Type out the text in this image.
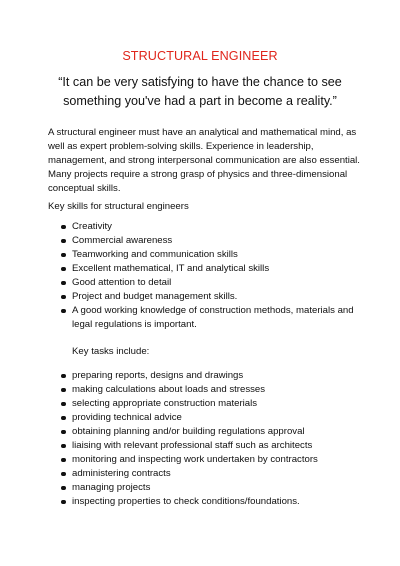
STRUCTURAL ENGINEER
“It can be very satisfying to have the chance to see
something you've had a part in become a reality.”
A structural engineer must have an analytical and mathematical mind, as
well as expert problem-solving skills. Experience in leadership,
management, and strong interpersonal communication are also essential.
Many projects require a strong grasp of physics and three-dimensional
conceptual skills.
Key skills for structural engineers
Creativity
Commercial awareness
Teamworking and communication skills
Excellent mathematical, IT and analytical skills
Good attention to detail
Project and budget management skills.
A good working knowledge of construction methods, materials and
legal regulations is important.
Key tasks include:
preparing reports, designs and drawings
making calculations about loads and stresses
selecting appropriate construction materials
providing technical advice
obtaining planning and/or building regulations approval
liaising with relevant professional staff such as architects
monitoring and inspecting work undertaken by contractors
administering contracts
managing projects
inspecting properties to check conditions/foundations.
